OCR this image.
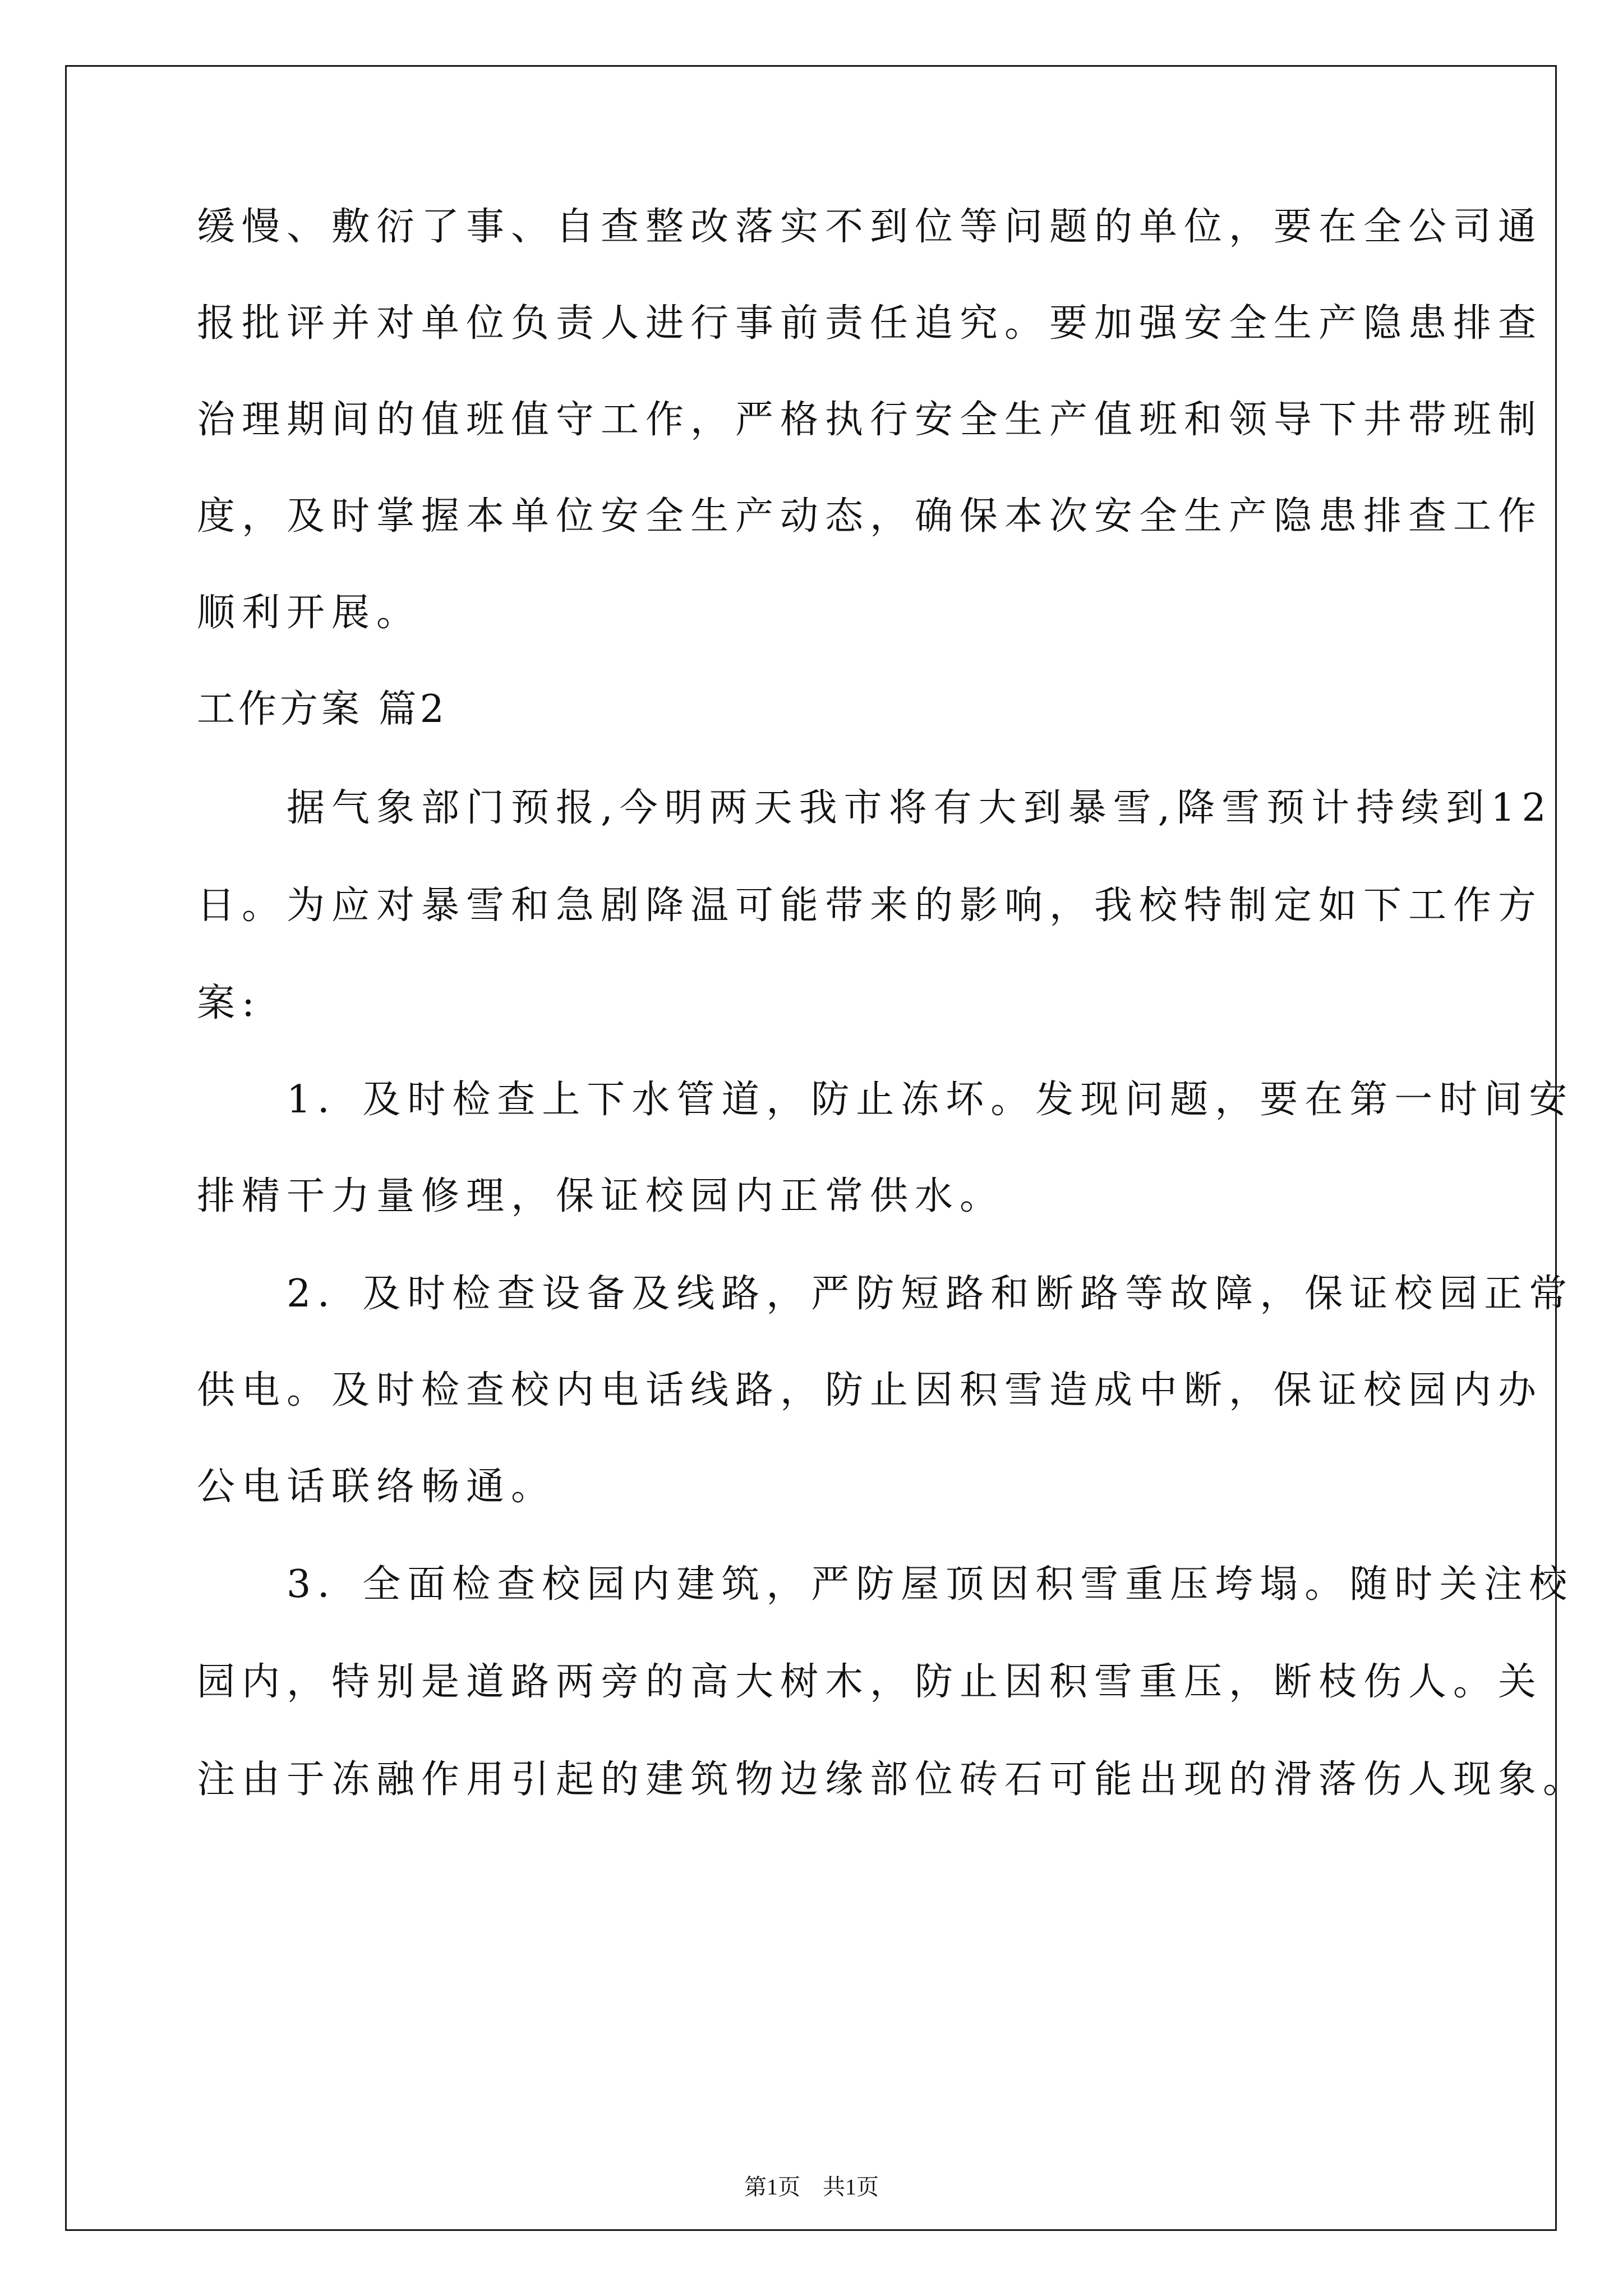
缓慢、敷衍了事、自查整改落实不到位等问题的单位，要在全公司通
报批评并对单位负责人进行事前责任追究。要加强安全生产隐患排查
治理期间的值班值守工作，严格执行安全生产值班和领导下井带班制
度，及时掌握本单位安全生产动态，确保本次安全生产隐患排查工作
顺利开展。
工作方案 篇2
　　据气象部门预报,今明两天我市将有大到暴雪,降雪预计持续到12
日。为应对暴雪和急剧降温可能带来的影响，我校特制定如下工作方
案:
　　1．及时检查上下水管道，防止冻坏。发现问题，要在第一时间安
排精干力量修理，保证校园内正常供水。
　　2．及时检查设备及线路，严防短路和断路等故障，保证校园正常
供电。及时检查校内电话线路，防止因积雪造成中断，保证校园内办
公电话联络畅通。
　　3．全面检查校园内建筑，严防屋顶因积雪重压垮塌。随时关注校
园内，特别是道路两旁的高大树木，防止因积雪重压，断枝伤人。关
注由于冻融作用引起的建筑物边缘部位砖石可能出现的滑落伤人现象。
第1页　共1页
